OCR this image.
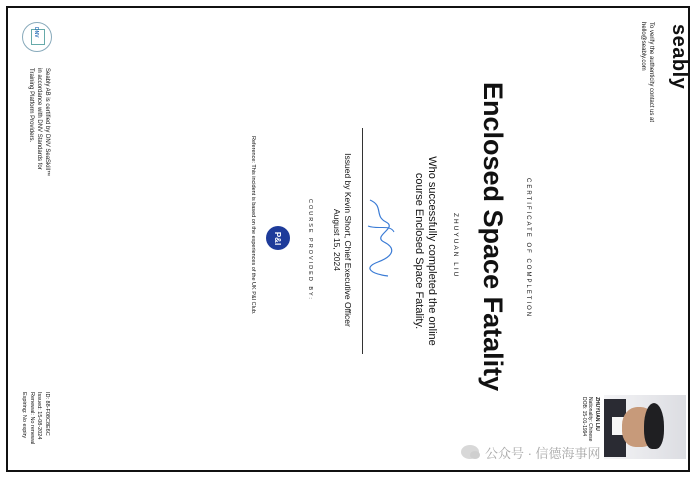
seably
To verify the authenticity contact us at hello@seably.com
CERTIFICATE OF COMPLETION
Enclosed Space Fatality
ZHUYUAN LIU
Who successfully completed the online course Enclosed Space Fatality.
Issued by Kevin Short, Chief Executive Officer
August 15, 2024
COURSE PROVIDED BY:
P&I
Reference: This incident is based on the experiences of the UK P&I Club.
DNV
Seably AB is certified by DNV SeaSkill™ in accordance with DNV Standards for Training Platform Providers.
ID: 88-F08C8E6C
Issued: 15-08-2024
Renewal: No renewal
Expiring: No expiry	ZHUYUAN LIU
Nationality: Chinese
DOB: 15-01-1994
公众号 · 信德海事网
